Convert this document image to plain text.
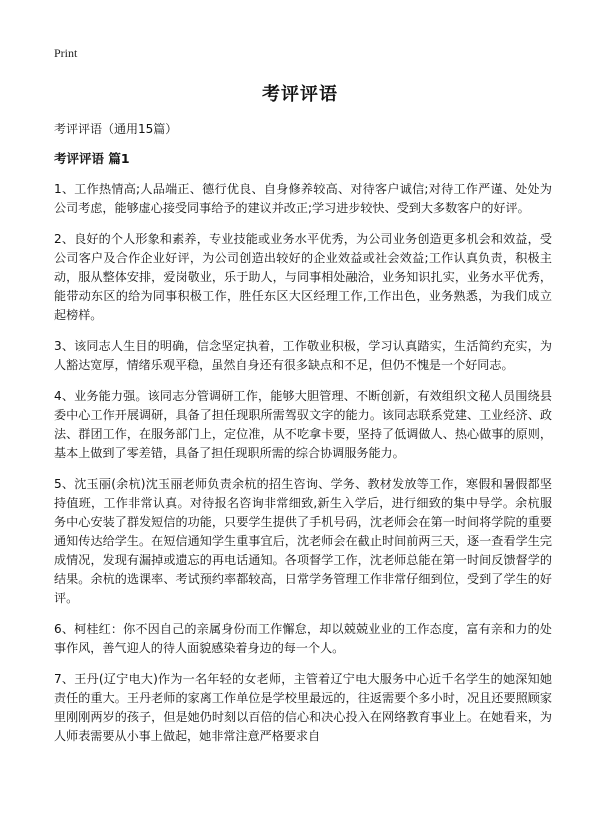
Print
考评评语

考评评语（通用15篇）

考评评语 篇1

1、工作热情高;人品端正、德行优良、自身修养较高、对待客户诚信;对待工作严谨、处处为公司考虑，能够虚心接受同事给予的建议并改正;学习进步较快、受到大多数客户的好评。

2、良好的个人形象和素养，专业技能或业务水平优秀，为公司业务创造更多机会和效益，受公司客户及合作企业好评，为公司创造出较好的企业效益或社会效益;工作认真负责，积极主动，服从整体安排，爱岗敬业，乐于助人，与同事相处融洽，业务知识扎实，业务水平优秀，能带动东区的给为同事积极工作，胜任东区大区经理工作,工作出色，业务熟悉，为我们成立起榜样。

3、该同志人生目的明确，信念坚定执着，工作敬业积极，学习认真踏实，生活简约充实，为人豁达宽厚，情绪乐观平稳，虽然自身还有很多缺点和不足，但仍不愧是一个好同志。

4、业务能力强。该同志分管调研工作，能够大胆管理、不断创新，有效组织文秘人员围绕县委中心工作开展调研，具备了担任现职所需驾驭文字的能力。该同志联系党建、工业经济、政法、群团工作，在服务部门上，定位准，从不吃拿卡要，坚持了低调做人、热心做事的原则，基本上做到了零差错，具备了担任现职所需的综合协调服务能力。

5、沈玉丽(余杭)沈玉丽老师负责余杭的招生咨询、学务、教材发放等工作，寒假和暑假都坚持值班，工作非常认真。对待报名咨询非常细致,新生入学后，进行细致的集中导学。余杭服务中心安装了群发短信的功能，只要学生提供了手机号码，沈老师会在第一时间将学院的重要通知传达给学生。在短信通知学生重事宜后，沈老师会在截止时间前两三天，逐一查看学生完成情况，发现有漏掉或遗忘的再电话通知。各项督学工作，沈老师总能在第一时间反馈督学的结果。余杭的选课率、考试预约率都较高，日常学务管理工作非常仔细到位，受到了学生的好评。

6、柯桂红：你不因自己的亲属身份而工作懈怠，却以兢兢业业的工作态度，富有亲和力的处事作风，善气迎人的待人面貌感染着身边的每一个人。

7、王丹(辽宁电大)作为一名年轻的女老师，主管着辽宁电大服务中心近千名学生的她深知她责任的重大。王丹老师的家离工作单位是学校里最远的，往返需要个多小时，况且还要照顾家里刚刚两岁的孩子，但是她仍时刻以百倍的信心和决心投入在网络教育事业上。在她看来，为人师表需要从小事上做起，她非常注意严格要求自
